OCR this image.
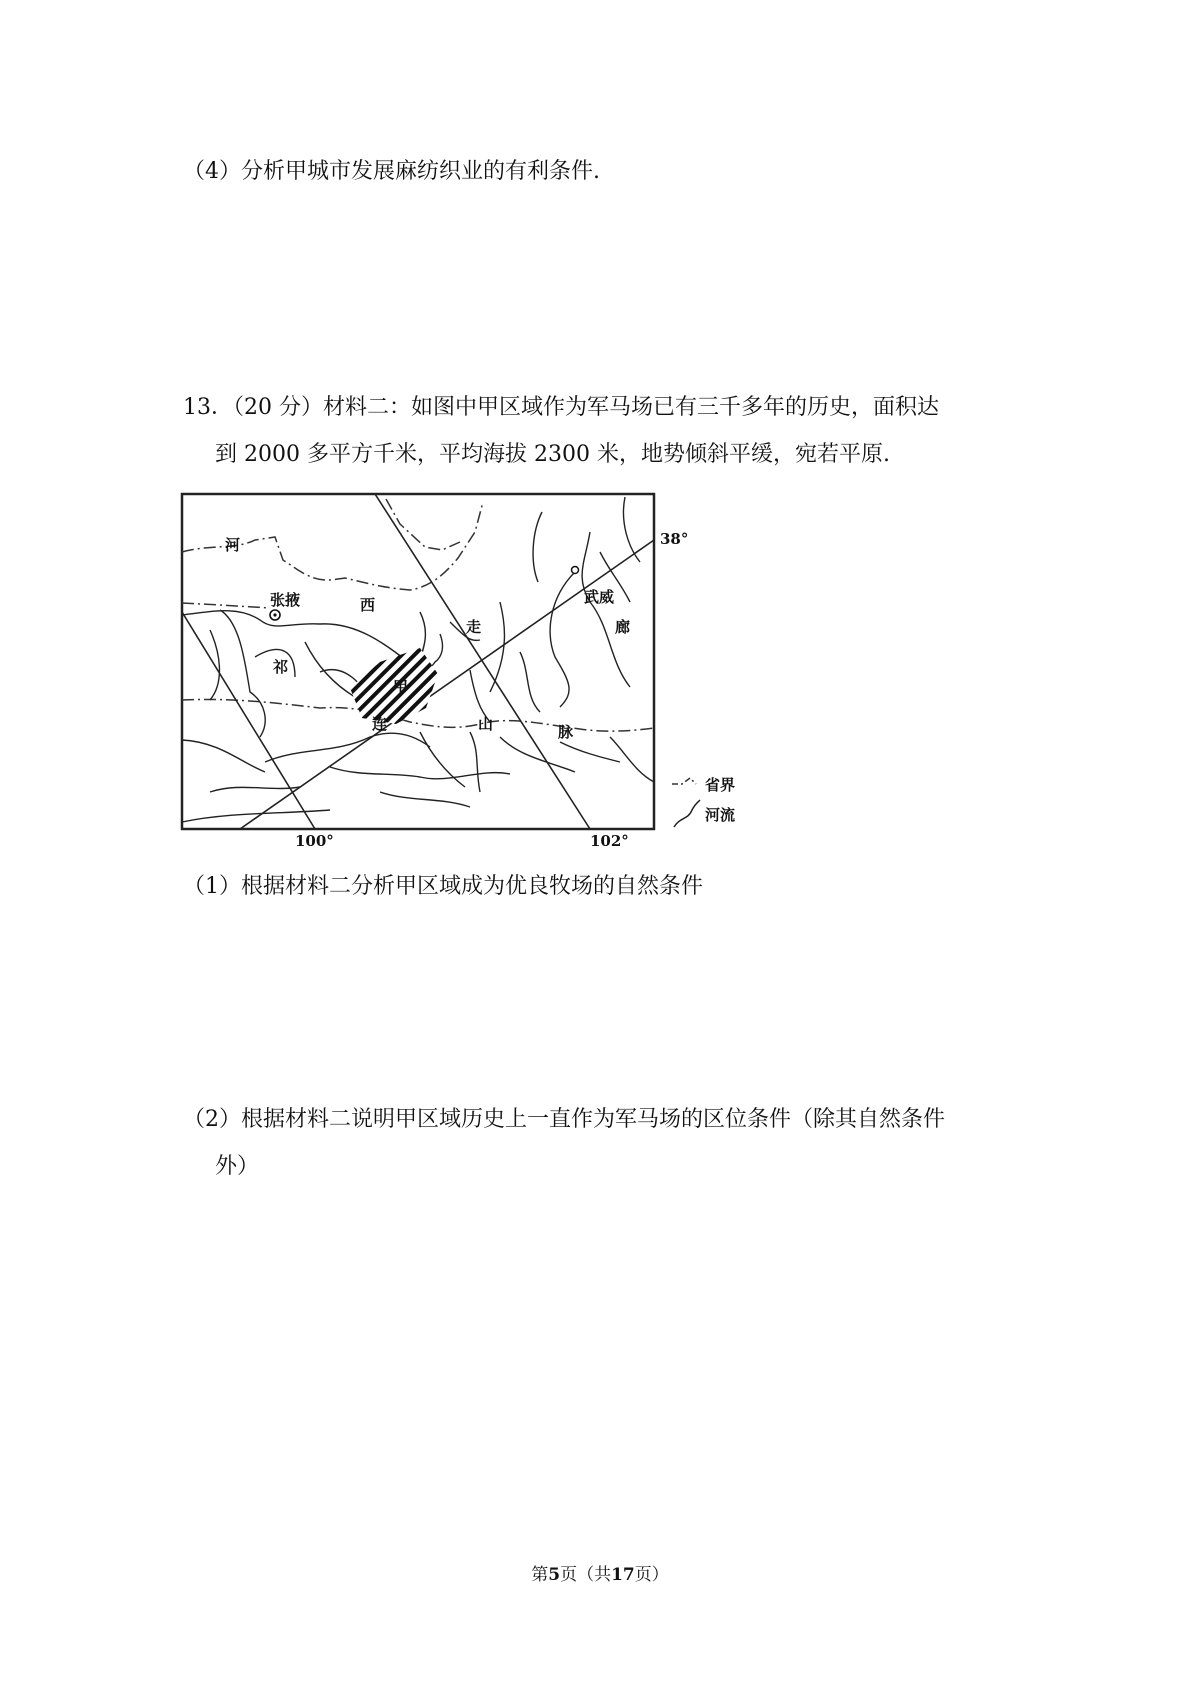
（4）分析甲城市发展麻纺织业的有利条件.
13．（20 分）材料二：如图中甲区域作为军马场已有三千多年的历史，面积达
到 2000 多平方千米，平均海拔 2300 米，地势倾斜平缓，宛若平原.
河
张掖	西
走
武威
廊
祁
甲
连	山	脉
38°
100°	102°
省界
河流
（1）根据材料二分析甲区域成为优良牧场的自然条件
（2）根据材料二说明甲区域历史上一直作为军马场的区位条件（除其自然条件
外）
第5页（共17页）
